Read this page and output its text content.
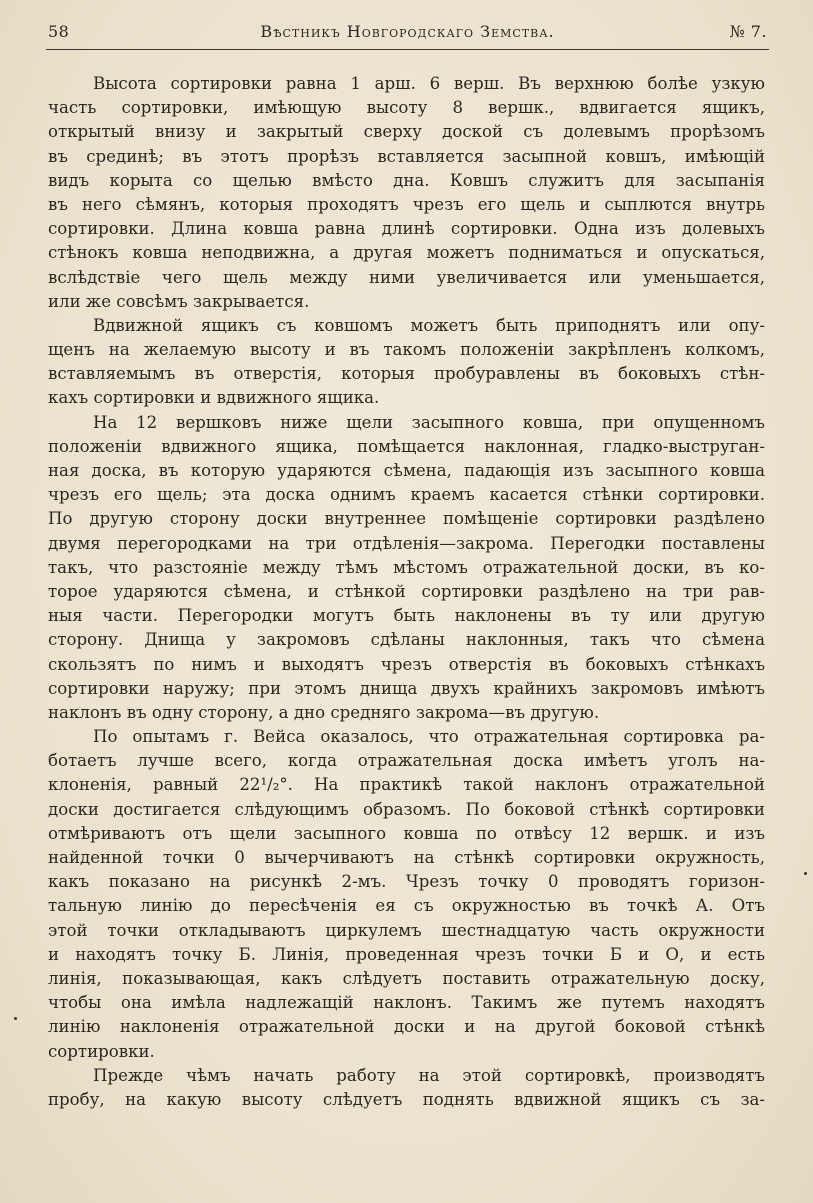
58	Вѣстникъ Новгородскаго Земства.	№ 7.
Высота сортировки равна 1 арш. 6 верш. Въ верхнюю болѣе узкую
часть сортировки, имѣющую высоту 8 вершк., вдвигается ящикъ,
открытый внизу и закрытый сверху доской съ долевымъ прорѣзомъ
въ срединѣ; въ этотъ прорѣзъ вставляется засыпной ковшъ, имѣющій
видъ корыта со щелью вмѣсто дна. Ковшъ служитъ для засыпанія
въ него сѣмянъ, которыя проходятъ чрезъ его щель и сыплются внутрь
сортировки. Длина ковша равна длинѣ сортировки. Одна изъ долевыхъ
стѣнокъ ковша неподвижна, а другая можетъ подниматься и опускаться,
вслѣдствіе чего щель между ними увеличивается или уменьшается,
или же совсѣмъ закрывается.
Вдвижной ящикъ съ ковшомъ можетъ быть приподнятъ или опу-
щенъ на желаемую высоту и въ такомъ положеніи закрѣпленъ колкомъ,
вставляемымъ въ отверстія, которыя пробуравлены въ боковыхъ стѣн-
кахъ сортировки и вдвижного ящика.
На 12 вершковъ ниже щели засыпного ковша, при опущенномъ
положеніи вдвижного ящика, помѣщается наклонная, гладко-выструган-
ная доска, въ которую ударяются сѣмена, падающія изъ засыпного ковша
чрезъ его щель; эта доска однимъ краемъ касается стѣнки сортировки.
По другую сторону доски внутреннее помѣщеніе сортировки раздѣлено
двумя перегородками на три отдѣленія—закрома. Перегодки поставлены
такъ, что разстояніе между тѣмъ мѣстомъ отражательной доски, въ ко-
торое ударяются сѣмена, и стѣнкой сортировки раздѣлено на три рав-
ныя части. Перегородки могутъ быть наклонены въ ту или другую
сторону. Днища у закромовъ сдѣланы наклонныя, такъ что сѣмена
скользятъ по нимъ и выходятъ чрезъ отверстія въ боковыхъ стѣнкахъ
сортировки наружу; при этомъ днища двухъ крайнихъ закромовъ имѣютъ
наклонъ въ одну сторону, а дно средняго закрома—въ другую.
По опытамъ г. Вейса оказалось, что отражательная сортировка ра-
ботаетъ лучше всего, когда отражательная доска имѣетъ уголъ на-
клоненія, равный 22¹/₂°. На практикѣ такой наклонъ отражательной
доски достигается слѣдующимъ образомъ. По боковой стѣнкѣ сортировки
отмѣриваютъ отъ щели засыпного ковша по отвѣсу 12 вершк. и изъ
найденной точки 0 вычерчиваютъ на стѣнкѣ сортировки окружность,
какъ показано на рисункѣ 2-мъ. Чрезъ точку 0 проводятъ горизон-
тальную линію до пересѣченія ея съ окружностью въ точкѣ А. Отъ
этой точки откладываютъ циркулемъ шестнадцатую часть окружности
и находятъ точку Б. Линія, проведенная чрезъ точки Б и О, и есть
линія, показывающая, какъ слѣдуетъ поставить отражательную доску,
чтобы она имѣла надлежащій наклонъ. Такимъ же путемъ находятъ
линію наклоненія отражательной доски и на другой боковой стѣнкѣ
сортировки.
Прежде чѣмъ начать работу на этой сортировкѣ, производятъ
пробу, на какую высоту слѣдуетъ поднять вдвижной ящикъ съ за-
